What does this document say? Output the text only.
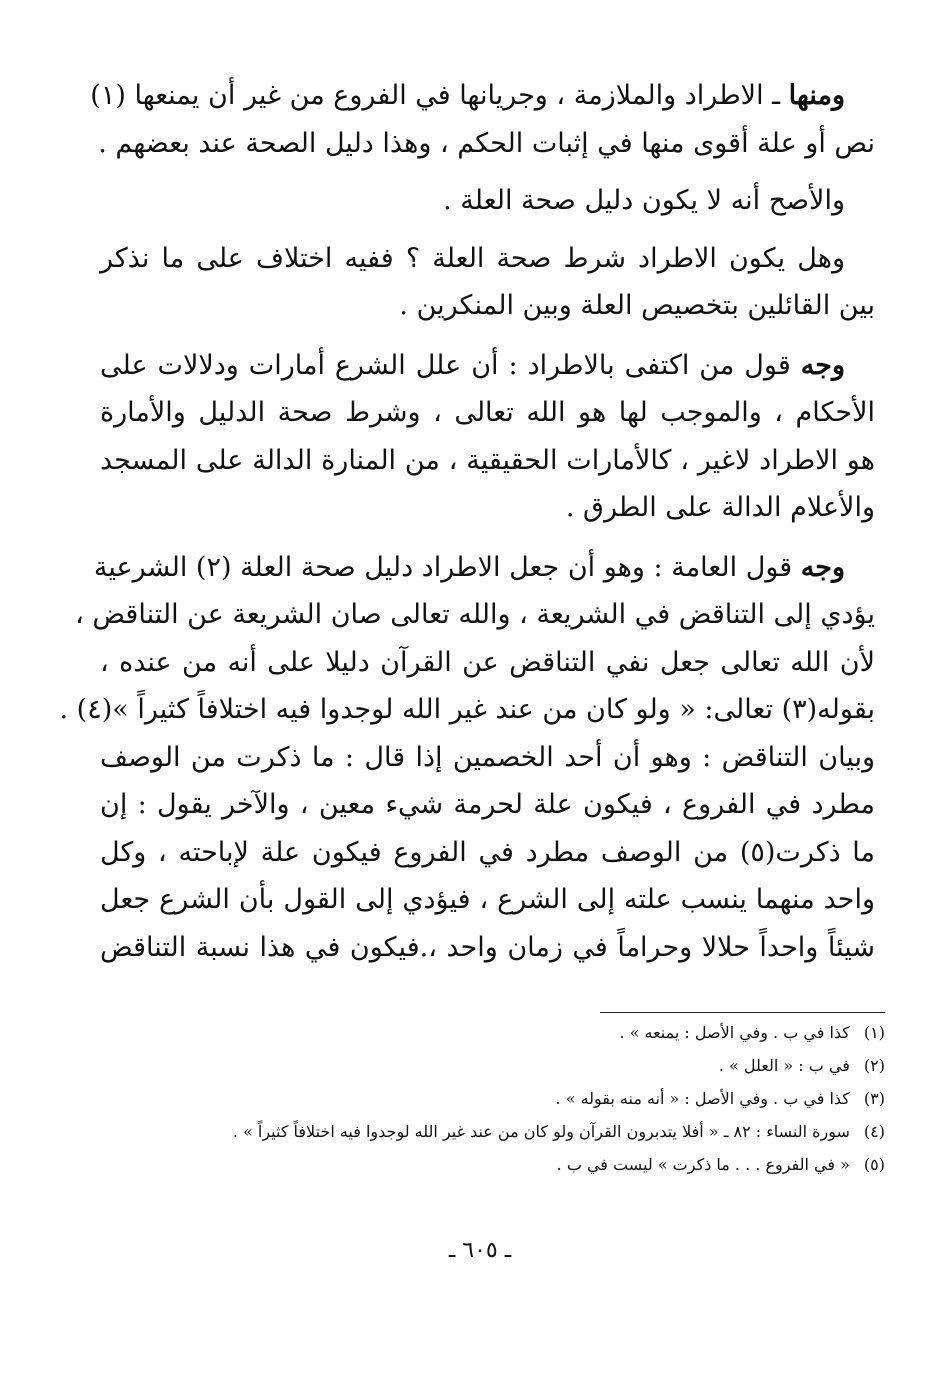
ومنها ـ الاطراد والملازمة ، وجريانها في الفروع من غير أن يمنعها (١)
نص أو علة أقوى منها في إثبات الحكم ، وهذا دليل الصحة عند بعضهم .
والأصح أنه لا يكون دليل صحة العلة .
وهل يكون الاطراد شرط صحة العلة ؟ ففيه اختلاف على ما نذكر
بين القائلين بتخصيص العلة وبين المنكرين .
وجه قول من اكتفى بالاطراد : أن علل الشرع أمارات ودلالات على
الأحكام ، والموجب لها هو الله تعالى ، وشرط صحة الدليل والأمارة
هو الاطراد لاغير ، كالأمارات الحقيقية ، من المنارة الدالة على المسجد
والأعلام الدالة على الطرق .
وجه قول العامة : وهو أن جعل الاطراد دليل صحة العلة (٢) الشرعية
يؤدي إلى التناقض في الشريعة ، والله تعالى صان الشريعة عن التناقض ،
لأن الله تعالى جعل نفي التناقض عن القرآن دليلا على أنه من عنده ،
بقوله(٣) تعالى: « ولو كان من عند غير الله لوجدوا فيه اختلافاً كثيراً »(٤) .
وبيان التناقض : وهو أن أحد الخصمين إذا قال : ما ذكرت من الوصف
مطرد في الفروع ، فيكون علة لحرمة شيء معين ، والآخر يقول : إن
ما ذكرت(٥) من الوصف مطرد في الفروع فيكون علة لإباحته ، وكل
واحد منهما ينسب علته إلى الشرع ، فيؤدي إلى القول بأن الشرع جعل
شيئاً واحداً حلالا وحراماً في زمان واحد ،.فيكون في هذا نسبة التناقض
(١)كذا في ب . وفي الأصل : يمنعه » .
(٢)في ب : « العلل » .
(٣)كذا في ب . وفي الأصل : « أنه منه بقوله » .
(٤)سورة النساء : ٨٢ ـ « أفلا يتدبرون القرآن ولو كان من عند غير الله لوجدوا فيه اختلافاً كثيراً » .
(٥)« في الفروع . . . ما ذكرت » ليست في ب .
ـ ٦٠٥ ـ
